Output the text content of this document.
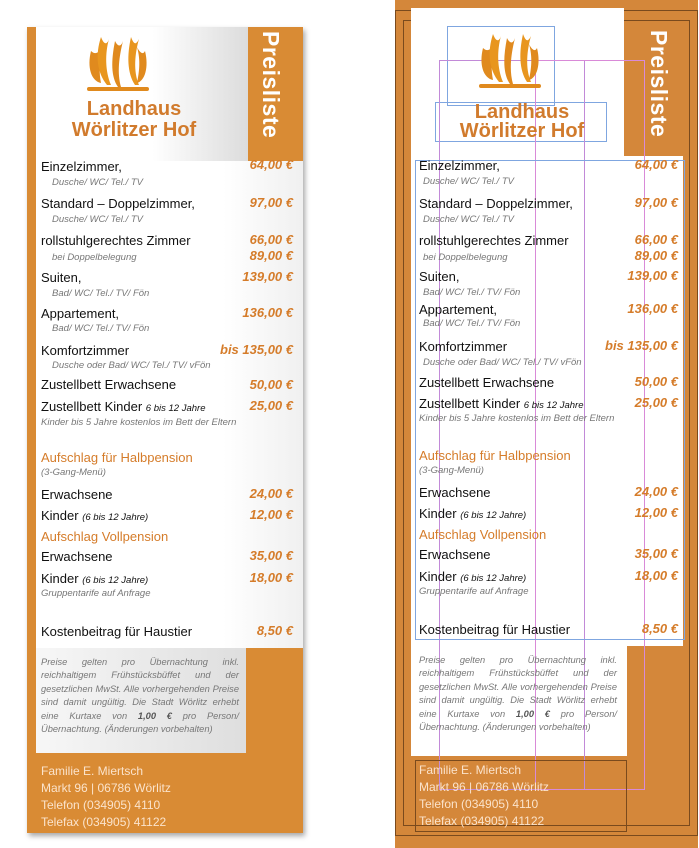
Landhaus
Wörlitzer Hof	Preisliste
Einzelzimmer,	64,00 €
Dusche/ WC/ Tel./ TV
Standard – Doppelzimmer,	97,00 €
Dusche/ WC/ Tel./ TV
rollstuhlgerechtes Zimmer	66,00 €
89,00 €
bei Doppelbelegung
Suiten,	139,00 €
Bad/ WC/ Tel./ TV/ Fön
Appartement,	136,00 €
Bad/ WC/ Tel./ TV/ Fön
Komfortzimmer	bis 135,00 €
Dusche oder Bad/ WC/ Tel./ TV/ vFön
Zustellbett Erwachsene	50,00 €
Zustellbett Kinder 6 bis 12 Jahre	25,00 €
Kinder bis 5 Jahre kostenlos im Bett der Eltern
Aufschlag für Halbpension
(3-Gang-Menü)
Erwachsene	24,00 €
Kinder (6 bis 12 Jahre)	12,00 €
Aufschlag Vollpension
Erwachsene	35,00 €
Kinder (6 bis 12 Jahre)	18,00 €
Gruppentarife auf Anfrage
Kostenbeitrag für Haustier	8,50 €
Preise gelten pro Übernachtung inkl. reichhaltigem Frühstücksbüffet und der gesetzlichen MwSt. Alle vorhergehenden Preise sind damit ungültig. Die Stadt Wörlitz erhebt eine Kurtaxe von 1,00 € pro Person/Übernachtung. (Änderungen vorbehalten)
Familie E. Miertsch
Markt 96 | 06786 Wörlitz
Telefon (034905) 4110
Telefax (034905) 41122
Landhaus
Wörlitzer Hof	Preisliste
Einzelzimmer,	64,00 €
Dusche/ WC/ Tel./ TV
Standard – Doppelzimmer,	97,00 €
Dusche/ WC/ Tel./ TV
rollstuhlgerechtes Zimmer	66,00 €
89,00 €
bei Doppelbelegung
Suiten,	139,00 €
Bad/ WC/ Tel./ TV/ Fön
Appartement,	136,00 €
Bad/ WC/ Tel./ TV/ Fön
Komfortzimmer	bis 135,00 €
Dusche oder Bad/ WC/ Tel./ TV/ vFön
Zustellbett Erwachsene	50,00 €
Zustellbett Kinder 6 bis 12 Jahre	25,00 €
Kinder bis 5 Jahre kostenlos im Bett der Eltern
Aufschlag für Halbpension
(3-Gang-Menü)
Erwachsene	24,00 €
Kinder (6 bis 12 Jahre)	12,00 €
Aufschlag Vollpension
Erwachsene	35,00 €
Kinder (6 bis 12 Jahre)	18,00 €
Gruppentarife auf Anfrage
Kostenbeitrag für Haustier	8,50 €
Preise gelten pro Übernachtung inkl. reichhaltigem Frühstücksbüffet und der gesetzlichen MwSt. Alle vorhergehenden Preise sind damit ungültig. Die Stadt Wörlitz erhebt eine Kurtaxe von 1,00 € pro Person/Übernachtung. (Änderungen vorbehalten)
Familie E. Miertsch
Markt 96 | 06786 Wörlitz
Telefon (034905) 4110
Telefax (034905) 41122
